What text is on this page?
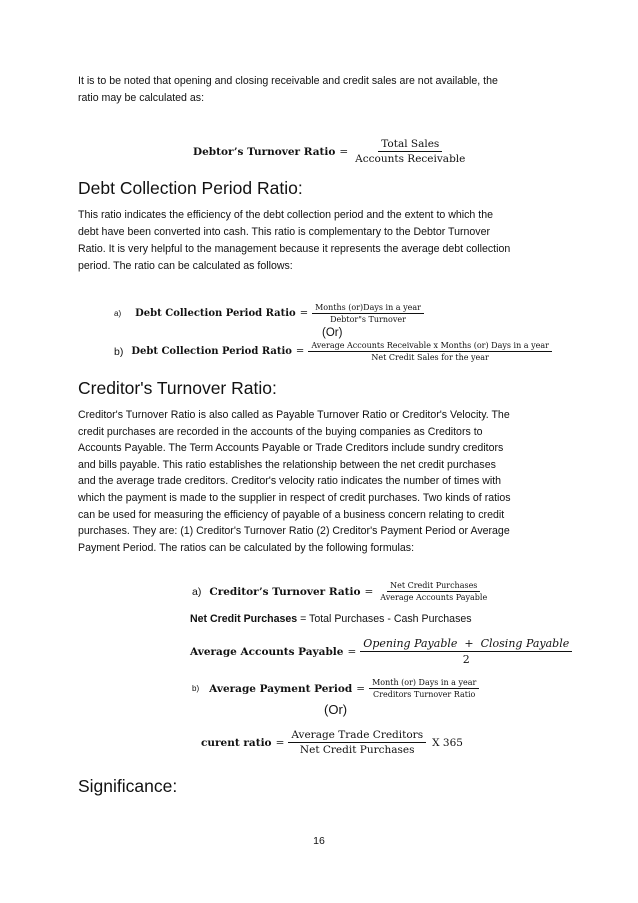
It is to be noted that opening and closing receivable and credit sales are not available, the
ratio may be calculated as:
Debtor’s Turnover Ratio = $\frac{\text{Total Sales}}{\text{Accounts Receivable}}$
Debt Collection Period Ratio:
This ratio indicates the efficiency of the debt collection period and the extent to which the
debt have been converted into cash. This ratio is complementary to the Debtor Turnover
Ratio. It is very helpful to the management because it represents the average debt collection
period. The ratio can be calculated as follows:
a) Debt Collection Period Ratio = $\frac{\text{Months (or)Days in a year}}{\text{Debtor"s Turnover}}$
(Or)
b) Debt Collection Period Ratio = $\frac{\text{Average Accounts Receivable x Months (or) Days in a year}}{\text{Net Credit Sales for the year}}$
Creditor's Turnover Ratio:
Creditor's Turnover Ratio is also called as Payable Turnover Ratio or Creditor's Velocity. The
credit purchases are recorded in the accounts of the buying companies as Creditors to
Accounts Payable. The Term Accounts Payable or Trade Creditors include sundry creditors
and bills payable. This ratio establishes the relationship between the net credit purchases
and the average trade creditors. Creditor's velocity ratio indicates the number of times with
which the payment is made to the supplier in respect of credit purchases. Two kinds of ratios
can be used for measuring the efficiency of payable of a business concern relating to credit
purchases. They are: (1) Creditor's Turnover Ratio (2) Creditor's Payment Period or Average
Payment Period. The ratios can be calculated by the following formulas:
a) Creditor’s Turnover Ratio = $\frac{\text{Net Credit Purchases}}{\text{Average Accounts Payable}}$
Net Credit Purchases = Total Purchases - Cash Purchases
Average Accounts Payable = $\frac{\text{Opening Payable  +  Closing Payable}}{2}$
b) Average Payment Period = $\frac{\text{Month (or) Days in a year}}{\text{Creditors Turnover Ratio}}$
(Or)
curent ratio = $\frac{\text{Average Trade Creditors}}{\text{Net Credit Purchases}}$ X 365
Significance:
16
